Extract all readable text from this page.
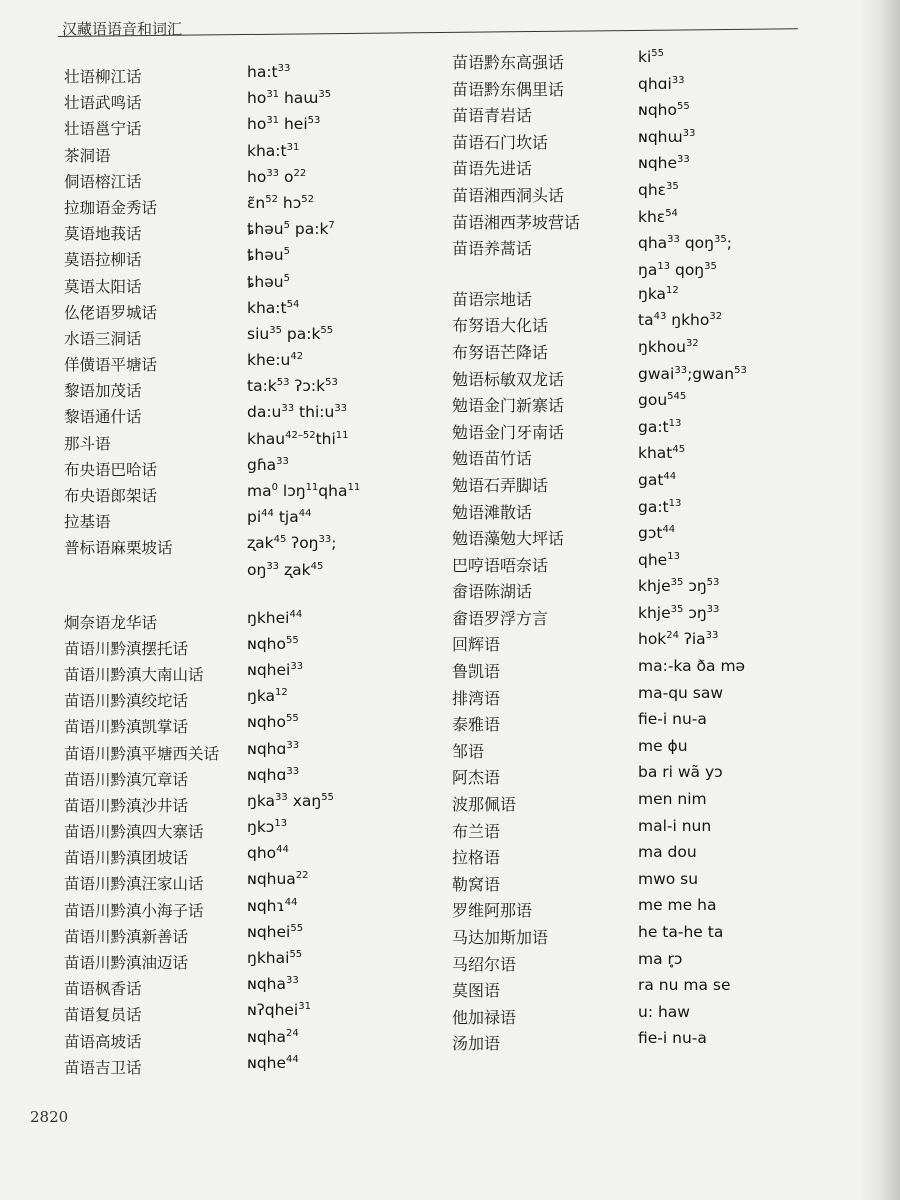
汉藏语语音和词汇
壮语柳江话	$ha:t^{33}$
壮语武鸣话	$ho^{31}$ haɯ$^{35}$
壮语邕宁话	$ho^{31}$ hei$^{53}$
茶洞语	$kha:t^{31}$
侗语榕江话	$ho^{33}$ $o^{22}$
拉珈语金秀话	$ɛ̃n^{52}$ hɔ$^{52}$
莫语地莪话	ȶhəu$^5$ $pa:k^7$
莫语拉柳话	ȶhəu$^5$
莫语太阳话	ȶhəu$^5$
仫佬语罗城话	$kha:t^{54}$
水语三洞话	siu$^{35}$ $pa:k^{55}$
佯僙语平塘话	$khe:u^{42}$
黎语加茂话	$ta:k^{53}$ $ʔɔ:k^{53}$
黎语通什话	$da:u^{33}$ $thi:u^{33}$
那斗语	khau$^{42-52}$thi$^{11}$
布央语巴哈话	gɦa$^{33}$
布央语郎架话	$ma^0$ lɔŋ$^{11}$qha$^{11}$
拉基语	$pi^{44}$ tja$^{44}$
普标语麻栗坡话	ʐak$^{45}$ ʔoŋ$^{33}$;
$oŋ^{33}$ ʐak$^{45}$
炯奈语龙华话	ŋkhei$^{44}$
苗语川黔滇摆托话	ɴqho$^{55}$
苗语川黔滇大南山话	ɴqhei$^{33}$
苗语川黔滇绞坨话	ŋka$^{12}$
苗语川黔滇凯掌话	ɴqho$^{55}$
苗语川黔滇平塘西关话 ɴqhɑ$^{33}$
苗语川黔滇冗章话	ɴqhɑ$^{33}$
苗语川黔滇沙井话	ŋka$^{33}$ xaŋ$^{55}$
苗语川黔滇四大寨话	ŋkɔ$^{13}$
苗语川黔滇团坡话	qho$^{44}$
苗语川黔滇汪家山话	ɴqhua$^{22}$
苗语川黔滇小海子话	ɴqhɿ$^{44}$
苗语川黔滇新善话	ɴqhei$^{55}$
苗语川黔滇油迈话	ŋkhai$^{55}$
苗语枫香话	ɴqha$^{33}$
苗语复员话	ɴʔqhei$^{31}$
苗语高坡话	ɴqha$^{24}$
苗语吉卫话	ɴqhe$^{44}$
苗语黔东高强话	$ki^{55}$
苗语黔东偶里话	qhɑi$^{33}$
苗语青岩话	ɴqho$^{55}$
苗语石门坎话	ɴqhɯ$^{33}$
苗语先进话	ɴqhe$^{33}$
苗语湘西洞头话	qhɛ$^{35}$
苗语湘西茅坡营话	khɛ$^{54}$
苗语养蒿话	qha$^{33}$ qoŋ$^{35}$;
$ŋa^{13}$ qoŋ$^{35}$
苗语宗地话	ŋka$^{12}$
布努语大化话	$ta^{43}$ ŋkho$^{32}$
布努语芒降话	ŋkhou$^{32}$
勉语标敏双龙话	gwai$^{33}$;gwan$^{53}$
勉语金门新寨话	gou$^{545}$
勉语金门牙南话	$ga:t^{13}$
勉语苗竹话	khat$^{45}$
勉语石弄脚话	gat$^{44}$
勉语滩散话	$ga:t^{13}$
勉语藻勉大坪话	gɔt$^{44}$
巴哼语唔奈话	qhe$^{13}$
畲语陈湖话	khje$^{35}$ ɔŋ$^{53}$
畲语罗浮方言	khje$^{35}$ ɔŋ$^{33}$
回辉语	hok$^{24}$ ʔia$^{33}$
鲁凯语	ma:-ka ða mə
排湾语	ma-qu saw
泰雅语	fie-i nu-a
邹语	me ɸu
阿杰语	ba ri wã yɔ
波那佩语	men nim
布兰语	mal-i nun
拉格语	ma dou
勒窝语	mwo su
罗维阿那语	me me ha
马达加斯加语	he ta-he ta
马绍尔语	ma r̥ɔ
莫图语	ra nu ma se
他加禄语	u: haw
汤加语	fie-i nu-a
2820
